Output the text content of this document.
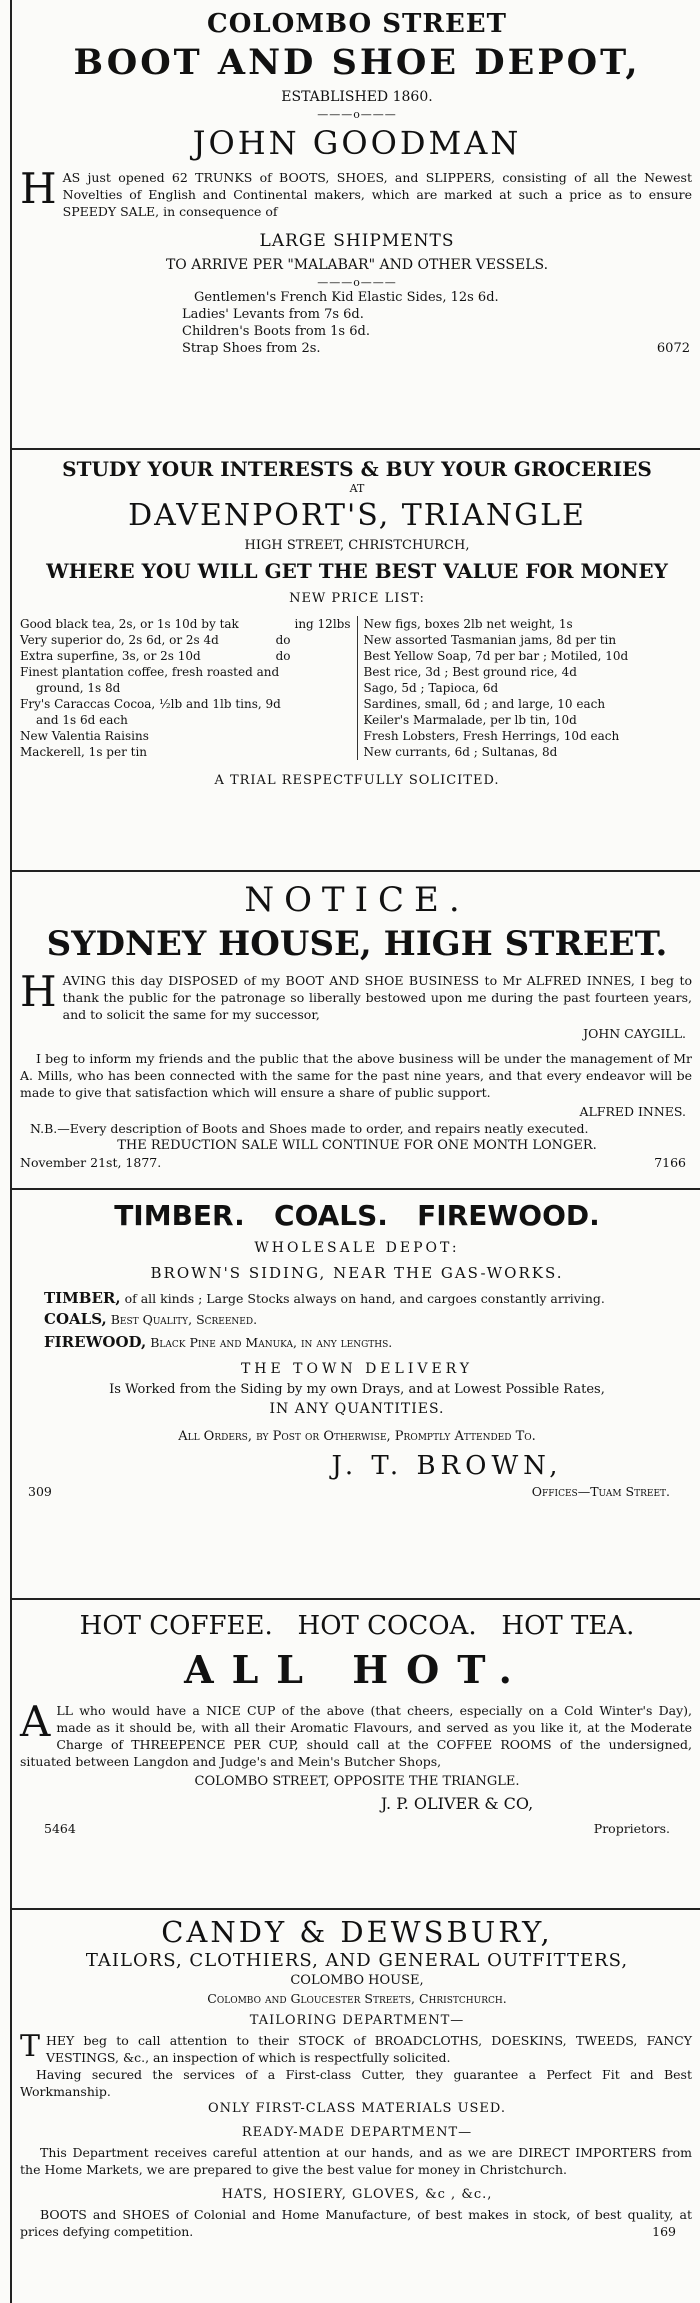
COLOMBO STREET
BOOT AND SHOE DEPOT,
ESTABLISHED 1860.
———o———
JOHN GOODMAN
H AS just opened 62 TRUNKS of BOOTS, SHOES, and SLIPPERS, consisting of all the Newest Novelties of English and Continental makers, which are marked at such a price as to ensure SPEEDY SALE, in consequence of
LARGE SHIPMENTS
TO ARRIVE PER "MALABAR" AND OTHER VESSELS.
———o———
Gentlemen's French Kid Elastic Sides, 12s 6d.
Ladies' Levants from 7s 6d.
Children's Boots from 1s 6d.
Strap Shoes from 2s.	6072
STUDY YOUR INTERESTS & BUY YOUR GROCERIES
AT
DAVENPORT'S, TRIANGLE
HIGH STREET, CHRISTCHURCH,
WHERE YOU WILL GET THE BEST VALUE FOR MONEY
NEW PRICE LIST:
Good black tea, 2s, or 1s 10d by tak	ing 12lbs
Very superior do, 2s 6d, or 2s 4d	do
Extra superfine, 3s, or 2s 10d	do
Finest plantation coffee, fresh roasted and
ground, 1s 8d
Fry's Caraccas Cocoa, ½lb and 1lb tins, 9d
and 1s 6d each
New Valentia Raisins
Mackerell, 1s per tin
New figs, boxes 2lb net weight, 1s
New assorted Tasmanian jams, 8d per tin
Best Yellow Soap, 7d per bar ; Motiled, 10d
Best rice, 3d ; Best ground rice, 4d
Sago, 5d ; Tapioca, 6d
Sardines, small, 6d ; and large, 10 each
Keiler's Marmalade, per lb tin, 10d
Fresh Lobsters, Fresh Herrings, 10d each
New currants, 6d ; Sultanas, 8d
A TRIAL RESPECTFULLY SOLICITED.
NOTICE.
SYDNEY HOUSE, HIGH STREET.
H AVING this day DISPOSED of my BOOT AND SHOE BUSINESS to Mr ALFRED INNES, I beg to thank the public for the patronage so liberally bestowed upon me during the past fourteen years, and to solicit the same for my successor,
JOHN CAYGILL.
I beg to inform my friends and the public that the above business will be under the management of Mr A. Mills, who has been connected with the same for the past nine years, and that every endeavor will be made to give that satisfaction which will ensure a share of public support.
ALFRED INNES.
N.B.—Every description of Boots and Shoes made to order, and repairs neatly executed.
THE REDUCTION SALE WILL CONTINUE FOR ONE MONTH LONGER.
November 21st, 1877.	7166
TIMBER.   COALS.   FIREWOOD.
WHOLESALE DEPOT:
BROWN'S SIDING, NEAR THE GAS-WORKS.
TIMBER, of all kinds ; Large Stocks always on hand, and cargoes constantly arriving.
COALS, Best Quality, Screened.
FIREWOOD, Black Pine and Manuka, in any lengths.
THE TOWN DELIVERY
Is Worked from the Siding by my own Drays, and at Lowest Possible Rates,
IN ANY QUANTITIES.
All Orders, by Post or Otherwise, Promptly Attended To.
J. T. BROWN,
309	Offices—Tuam Street.
HOT COFFEE.   HOT COCOA.   HOT TEA.
ALL HOT.
A LL who would have a NICE CUP of the above (that cheers, especially on a Cold Winter's Day), made as it should be, with all their Aromatic Flavours, and served as you like it, at the Moderate Charge of THREEPENCE PER CUP, should call at the COFFEE ROOMS of the undersigned, situated between Langdon and Judge's and Mein's Butcher Shops,
COLOMBO STREET, OPPOSITE THE TRIANGLE.
J. P. OLIVER & CO,
5464	Proprietors.
CANDY & DEWSBURY,
TAILORS, CLOTHIERS, AND GENERAL OUTFITTERS,
COLOMBO HOUSE,
Colombo and Gloucester Streets, Christchurch.
TAILORING DEPARTMENT—
T HEY beg to call attention to their STOCK of BROADCLOTHS, DOESKINS, TWEEDS, FANCY VESTINGS, &c., an inspection of which is respectfully solicited.
Having secured the services of a First-class Cutter, they guarantee a Perfect Fit and Best Workmanship.
ONLY FIRST-CLASS MATERIALS USED.
READY-MADE DEPARTMENT—
This Department receives careful attention at our hands, and as we are DIRECT IMPORTERS from the Home Markets, we are prepared to give the best value for money in Christchurch.
HATS, HOSIERY, GLOVES, &c , &c.,
BOOTS and SHOES of Colonial and Home Manufacture, of best makes in stock, of best quality, at prices defying competition.	169
